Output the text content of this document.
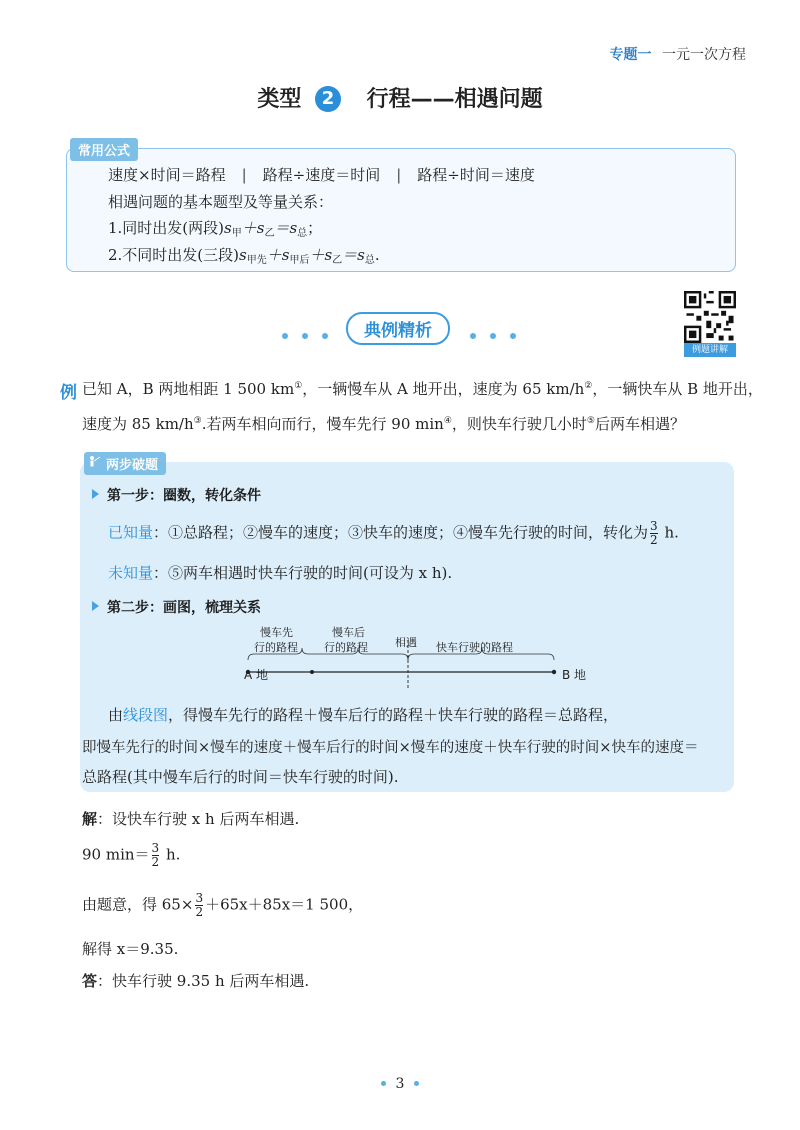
专题一 一元一次方程
类型 2 行程——相遇问题
常用公式
速度×时间＝路程 | 路程÷速度＝时间 | 路程÷时间＝速度
相遇问题的基本题型及等量关系：
1.同时出发(两段)$s_甲+s_乙=s_总$；
2.不同时出发(三段)$s_{甲先}+s_{甲后}+s_乙=s_总$.
典例精析
例题讲解
例 已知 A，B 两地相距 1 500 km①，一辆慢车从 A 地开出，速度为 65 km/h②，一辆快车从 B 地开出，
速度为 85 km/h③.若两车相向而行，慢车先行 90 min④，则快车行驶几小时⑤后两车相遇？
两步破题
第一步：圈数，转化条件
已知量：①总路程；②慢车的速度；③快车的速度；④慢车先行驶的时间，转化为 $\frac{3}{2} h$.
未知量：⑤两车相遇时快车行驶的时间(可设为 x h).
第二步：画图，梳理关系
慢车先
行的路程
慢车后
行的路程 相遇 快车行驶的路程
A 地	B 地
由线段图，得慢车先行的路程＋慢车后行的路程＋快车行驶的路程＝总路程，
即慢车先行的时间×慢车的速度＋慢车后行的时间×慢车的速度＋快车行驶的时间×快车的速度＝
总路程(其中慢车后行的时间＝快车行驶的时间).
解：设快车行驶 x h 后两车相遇.
90 $\min= \frac{3}{2} h$.
由题意，得 $65\times \frac{3}{2} +65x+85x=1$ 500，
解得 x＝9.35.
答：快车行驶 9.35 h 后两车相遇.
3
